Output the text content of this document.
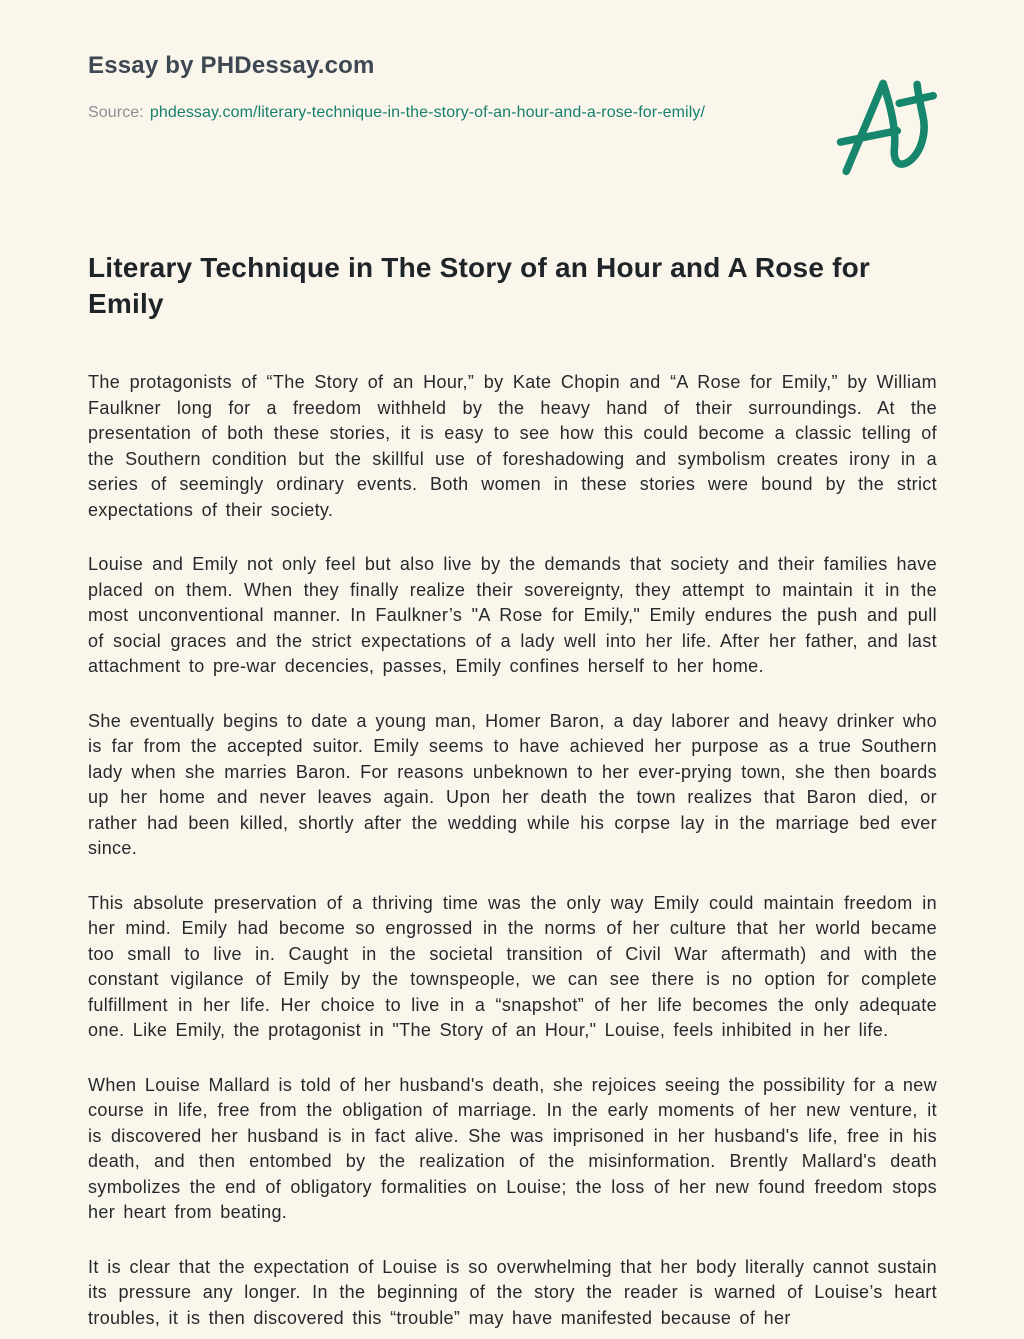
Essay by PHDessay.com
Source: phdessay.com/literary-technique-in-the-story-of-an-hour-and-a-rose-for-emily/
Literary Technique in The Story of an Hour and A Rose for Emily

The protagonists of “The Story of an Hour,” by Kate Chopin and “A Rose for Emily,” by William Faulkner long for a freedom withheld by the heavy hand of their surroundings. At the presentation of both these stories, it is easy to see how this could become a classic telling of the Southern condition but the skillful use of foreshadowing and symbolism creates irony in a series of seemingly ordinary events. Both women in these stories were bound by the strict expectations of their society.

Louise and Emily not only feel but also live by the demands that society and their families have placed on them. When they finally realize their sovereignty, they attempt to maintain it in the most unconventional manner. In Faulkner’s "A Rose for Emily," Emily endures the push and pull of social graces and the strict expectations of a lady well into her life. After her father, and last attachment to pre-war decencies, passes, Emily confines herself to her home.

She eventually begins to date a young man, Homer Baron, a day laborer and heavy drinker who is far from the accepted suitor. Emily seems to have achieved her purpose as a true Southern lady when she marries Baron. For reasons unbeknown to her ever-prying town, she then boards up her home and never leaves again. Upon her death the town realizes that Baron died, or rather had been killed, shortly after the wedding while his corpse lay in the marriage bed ever since.

This absolute preservation of a thriving time was the only way Emily could maintain freedom in her mind. Emily had become so engrossed in the norms of her culture that her world became too small to live in. Caught in the societal transition of Civil War aftermath) and with the constant vigilance of Emily by the townspeople, we can see there is no option for complete fulfillment in her life. Her choice to live in a “snapshot” of her life becomes the only adequate one. Like Emily, the protagonist in "The Story of an Hour," Louise, feels inhibited in her life.

When Louise Mallard is told of her husband's death, she rejoices seeing the possibility for a new course in life, free from the obligation of marriage. In the early moments of her new venture, it is discovered her husband is in fact alive. She was imprisoned in her husband's life, free in his death, and then entombed by the realization of the misinformation. Brently Mallard's death symbolizes the end of obligatory formalities on Louise; the loss of her new found freedom stops her heart from beating.

It is clear that the expectation of Louise is so overwhelming that her body literally cannot sustain its pressure any longer. In the beginning of the story the reader is warned of Louise’s heart troubles, it is then discovered this “trouble” may have manifested because of her
